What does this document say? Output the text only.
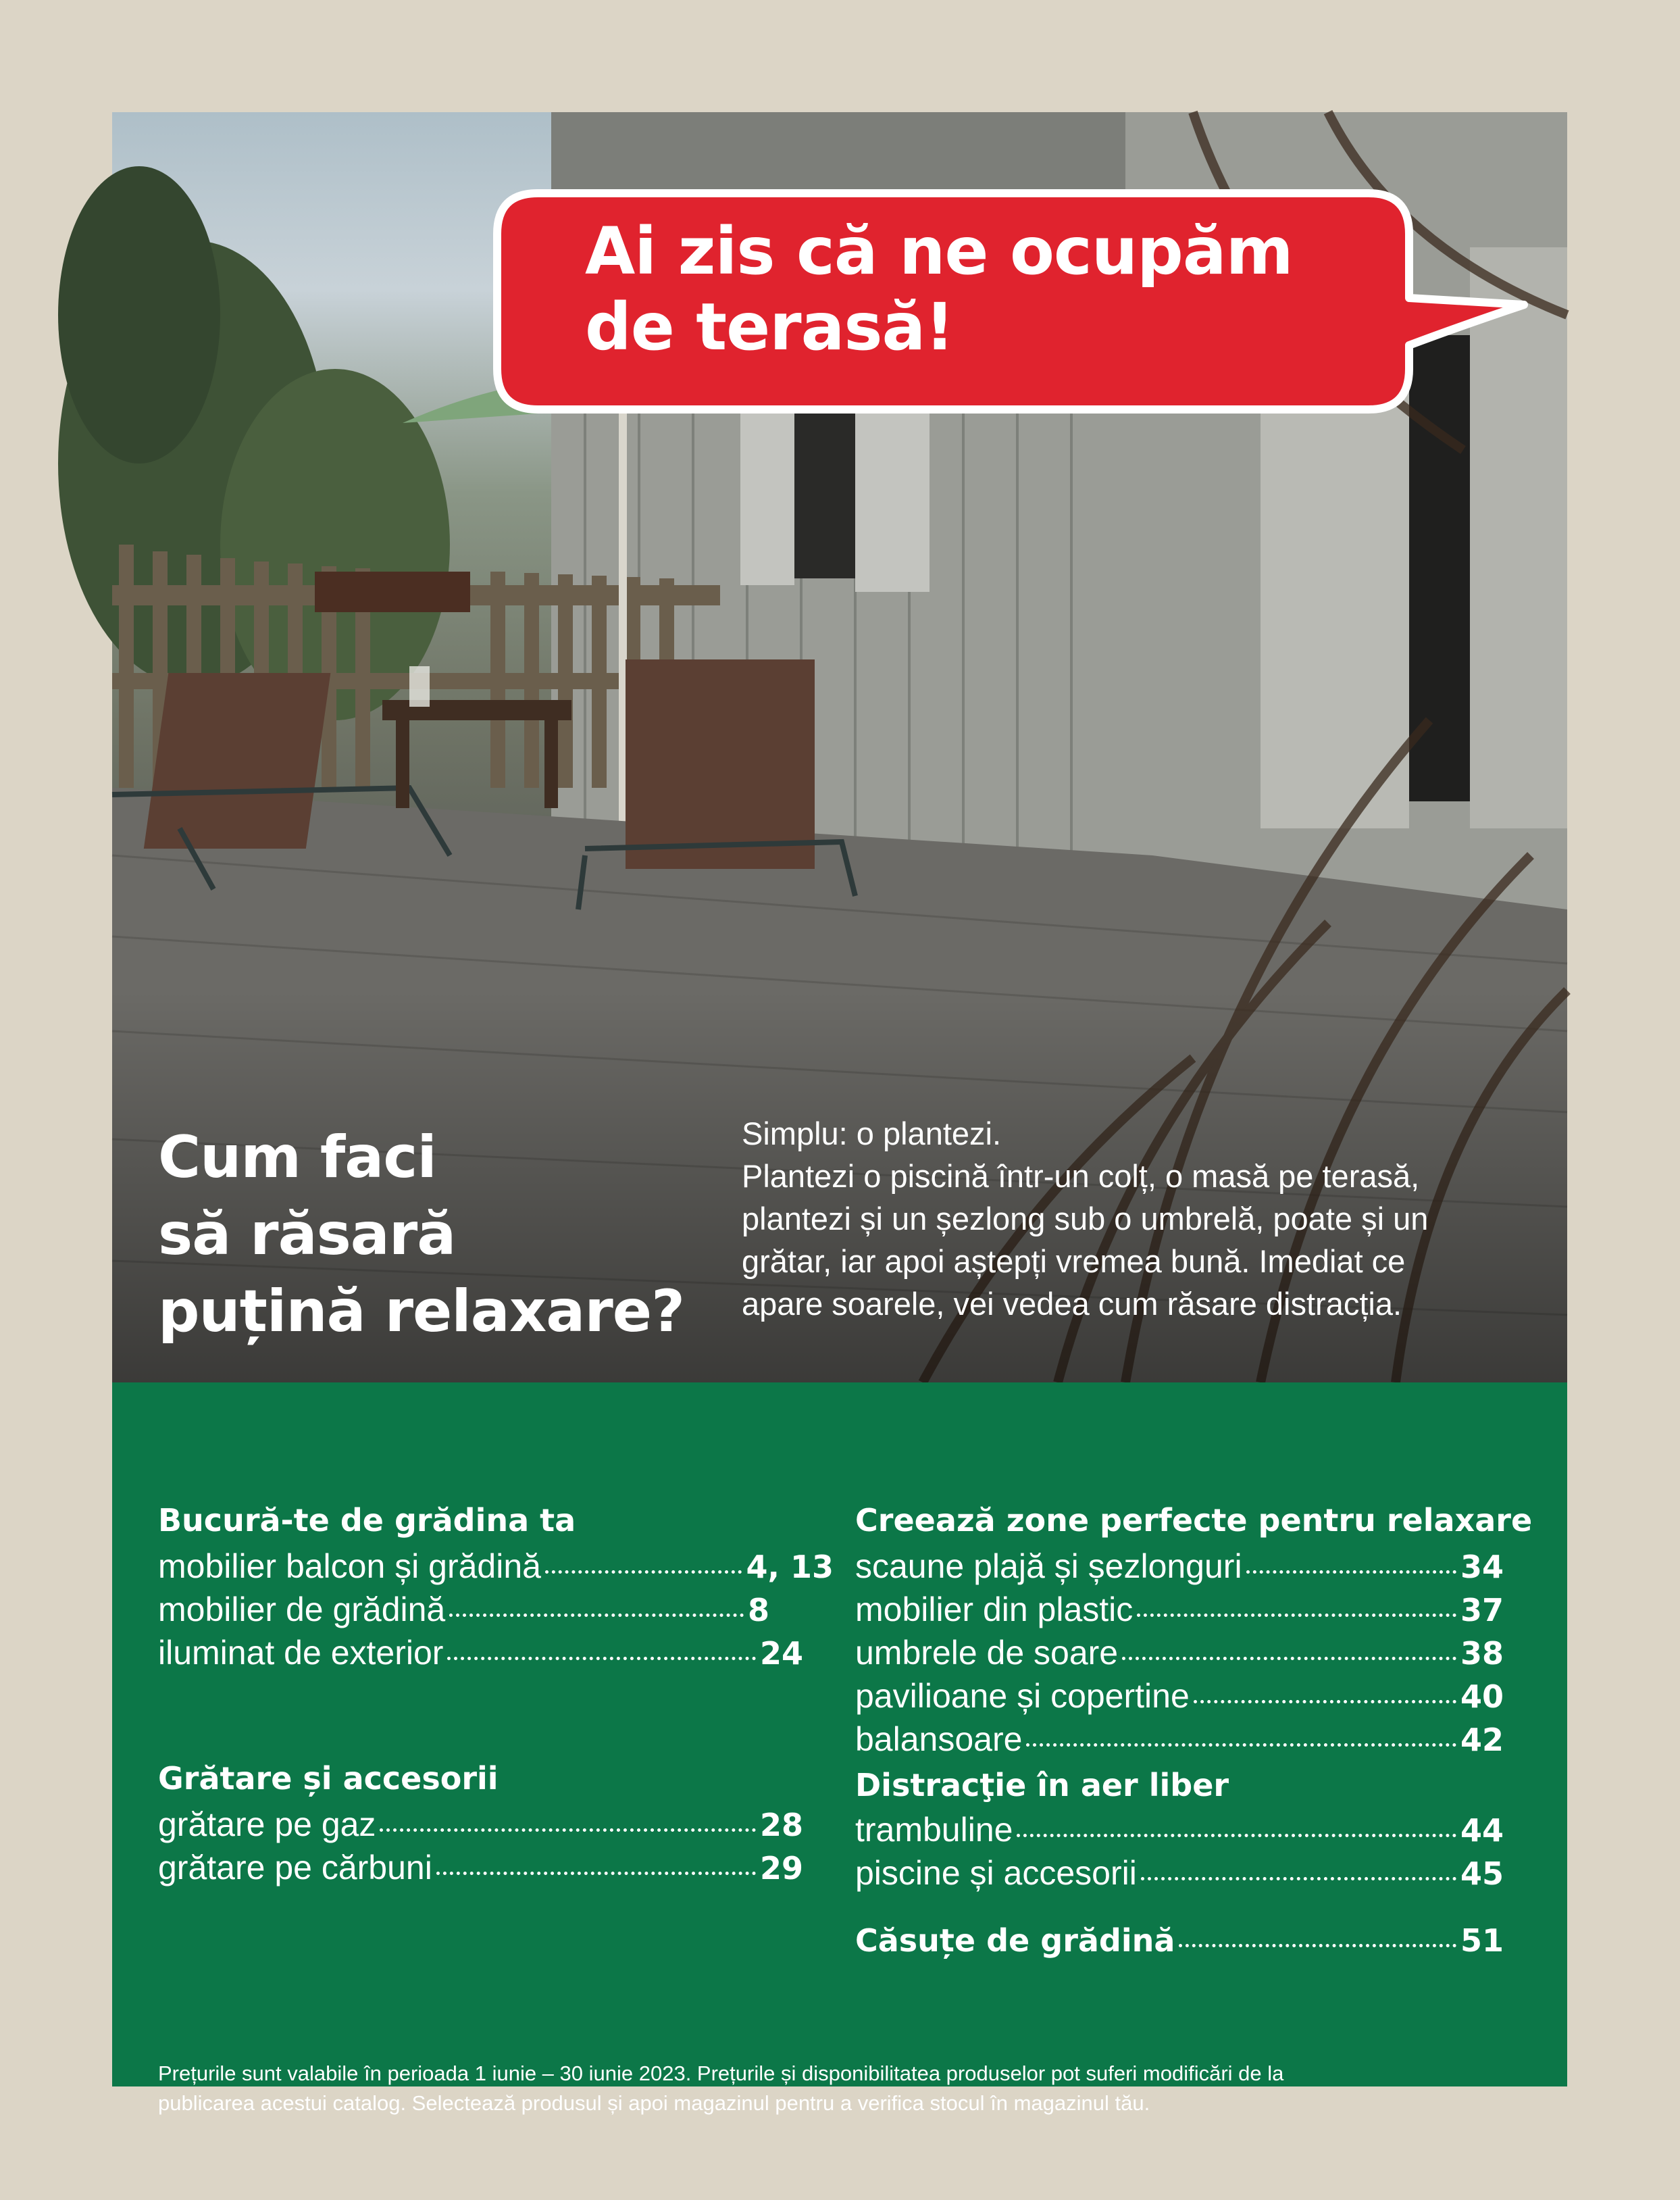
Ai zis că ne ocupăm
de terasă!
Cum faci
să răsară
puțină relaxare?

Simplu: o plantezi.

Plantezi o piscină într-un colț, o masă pe terasă,

plantezi și un șezlong sub o umbrelă, poate și un

grătar, iar apoi aștepți vremea bună. Imediat ce

apare soarele, vei vedea cum răsare distracția.

Bucură-te de grădina ta
mobilier balcon și grădină	4, 13
mobilier de grădină	8
iluminat de exterior	24
Grătare și accesorii
grătare pe gaz	28
grătare pe cărbuni	29
Creează zone perfecte pentru relaxare
scaune plajă și șezlonguri	34
mobilier din plastic	37
umbrele de soare	38
pavilioane și copertine	40
balansoare	42
Distracţie în aer liber
trambuline	44
piscine și accesorii	45
Căsuțe de grădină	51
Prețurile sunt valabile în perioada 1 iunie – 30 iunie 2023. Prețurile și disponibilitatea produselor pot suferi modificări de la
publicarea acestui catalog. Selectează produsul și apoi magazinul pentru a verifica stocul în magazinul tău.
